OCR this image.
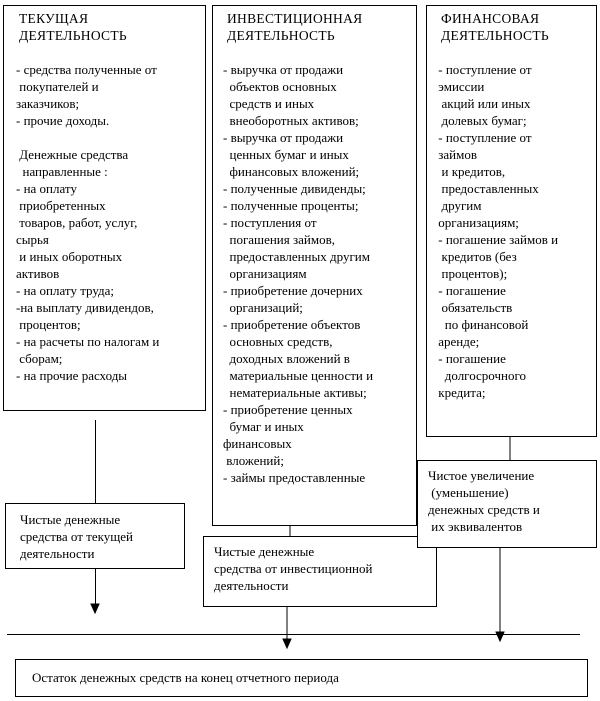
ТЕКУЩАЯ
ДЕЯТЕЛЬНОСТЬ
- средства полученные от
покупателей и
заказчиков;
- прочие доходы.

Денежные средства
направленные :
- на оплату
приобретенных
товаров, работ, услуг,
сырья
и иных оборотных
активов
- на оплату труда;
-на выплату дивидендов,
процентов;
- на расчеты по налогам и
сборам;
- на прочие расходы
ИНВЕСТИЦИОННАЯ
ДЕЯТЕЛЬНОСТЬ
- выручка от продажи
объектов основных
средств и иных
внеоборотных активов;
- выручка от продажи
ценных бумаг и иных
финансовых вложений;
- полученные дивиденды;
- полученные проценты;
- поступления от
погашения займов,
предоставленных другим
организациям
- приобретение дочерних
организаций;
- приобретение объектов
основных средств,
доходных вложений в
материальные ценности и
нематериальные активы;
- приобретение ценных
бумаг и иных
финансовых
вложений;
- займы предоставленные
ФИНАНСОВАЯ
ДЕЯТЕЛЬНОСТЬ
- поступление от
эмиссии
акций или иных
долевых бумаг;
- поступление от
займов
и кредитов,
предоставленных
другим
организациям;
- погашение займов и
кредитов (без
процентов);
- погашение
обязательств
по финансовой
аренде;
- погашение
долгосрочного
кредита;
Чистые денежные
средства от текущей
деятельности	Чистые денежные
средства от инвестиционной
деятельности
Чистое увеличение
(уменьшение)
денежных средств и
их эквивалентов
Остаток денежных средств на конец отчетного периода
